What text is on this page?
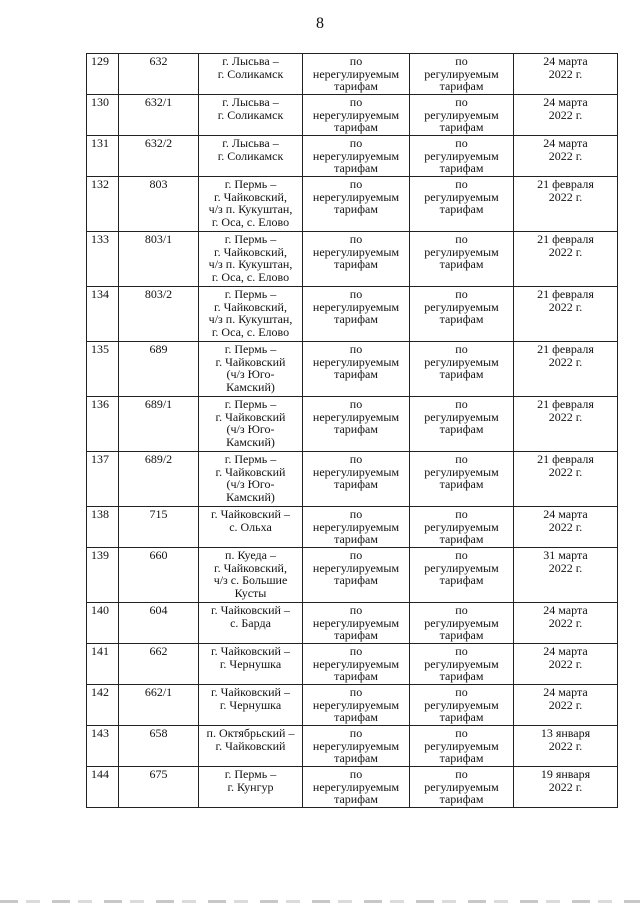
8
129	632	г. Лысьва –
г. Соликамск	по
нерегулируемым
тарифам	по
регулируемым
тарифам	24 марта
2022 г.
130	632/1	г. Лысьва –
г. Соликамск	по
нерегулируемым
тарифам	по
регулируемым
тарифам	24 марта
2022 г.
131	632/2	г. Лысьва –
г. Соликамск	по
нерегулируемым
тарифам	по
регулируемым
тарифам	24 марта
2022 г.
132	803	г. Пермь –
г. Чайковский,
ч/з п. Кукуштан,
г. Оса, с. Елово	по
нерегулируемым
тарифам	по
регулируемым
тарифам	21 февраля
2022 г.
133	803/1	г. Пермь –
г. Чайковский,
ч/з п. Кукуштан,
г. Оса, с. Елово	по
нерегулируемым
тарифам	по
регулируемым
тарифам	21 февраля
2022 г.
134	803/2	г. Пермь –
г. Чайковский,
ч/з п. Кукуштан,
г. Оса, с. Елово	по
нерегулируемым
тарифам	по
регулируемым
тарифам	21 февраля
2022 г.
135	689	г. Пермь –
г. Чайковский
(ч/з Юго-
Камский)	по
нерегулируемым
тарифам	по
регулируемым
тарифам	21 февраля
2022 г.
136	689/1	г. Пермь –
г. Чайковский
(ч/з Юго-
Камский)	по
нерегулируемым
тарифам	по
регулируемым
тарифам	21 февраля
2022 г.
137	689/2	г. Пермь –
г. Чайковский
(ч/з Юго-
Камский)	по
нерегулируемым
тарифам	по
регулируемым
тарифам	21 февраля
2022 г.
138	715	г. Чайковский –
с. Ольха	по
нерегулируемым
тарифам	по
регулируемым
тарифам	24 марта
2022 г.
139	660	п. Куеда –
г. Чайковский,
ч/з с. Большие
Кусты	по
нерегулируемым
тарифам	по
регулируемым
тарифам	31 марта
2022 г.
140	604	г. Чайковский –
с. Барда	по
нерегулируемым
тарифам	по
регулируемым
тарифам	24 марта
2022 г.
141	662	г. Чайковский –
г. Чернушка	по
нерегулируемым
тарифам	по
регулируемым
тарифам	24 марта
2022 г.
142	662/1	г. Чайковский –
г. Чернушка	по
нерегулируемым
тарифам	по
регулируемым
тарифам	24 марта
2022 г.
143	658	п. Октябрьский –
г. Чайковский	по
нерегулируемым
тарифам	по
регулируемым
тарифам	13 января
2022 г.
144	675	г. Пермь –
г. Кунгур	по
нерегулируемым
тарифам	по
регулируемым
тарифам	19 января
2022 г.
